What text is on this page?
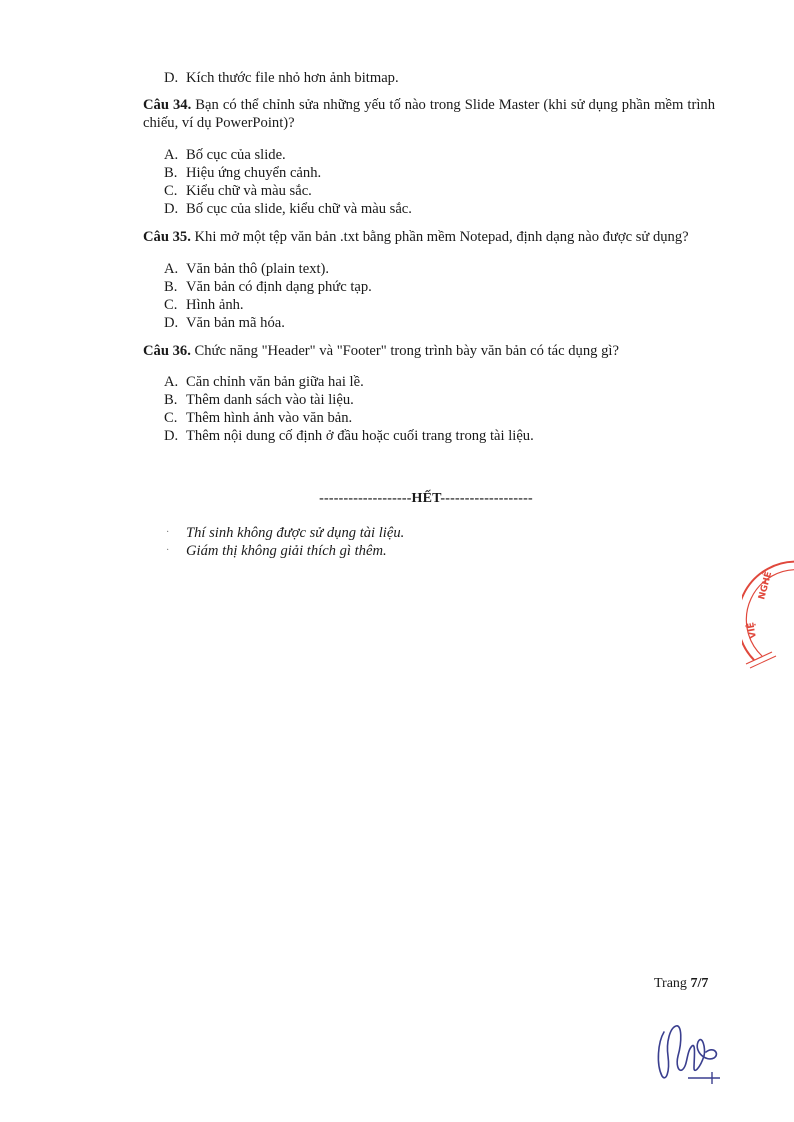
D. Kích thước file nhỏ hơn ảnh bitmap.
Câu 34. Bạn có thể chỉnh sửa những yếu tố nào trong Slide Master (khi sử dụng phần mềm trình chiếu, ví dụ PowerPoint)?
A. Bố cục của slide.
B. Hiệu ứng chuyển cảnh.
C. Kiểu chữ và màu sắc.
D. Bố cục của slide, kiểu chữ và màu sắc.
Câu 35. Khi mở một tệp văn bản .txt bằng phần mềm Notepad, định dạng nào được sử dụng?
A. Văn bản thô (plain text).
B. Văn bản có định dạng phức tạp.
C. Hình ảnh.
D. Văn bản mã hóa.
Câu 36. Chức năng "Header" và "Footer" trong trình bày văn bản có tác dụng gì?
A. Căn chỉnh văn bản giữa hai lề.
B. Thêm danh sách vào tài liệu.
C. Thêm hình ảnh vào văn bản.
D. Thêm nội dung cố định ở đầu hoặc cuối trang trong tài liệu.
-------------------HẾT-------------------
· Thí sinh không được sử dụng tài liệu.
· Giám thị không giải thích gì thêm.
NGHỀ
VIỆ
Trang 7/7
